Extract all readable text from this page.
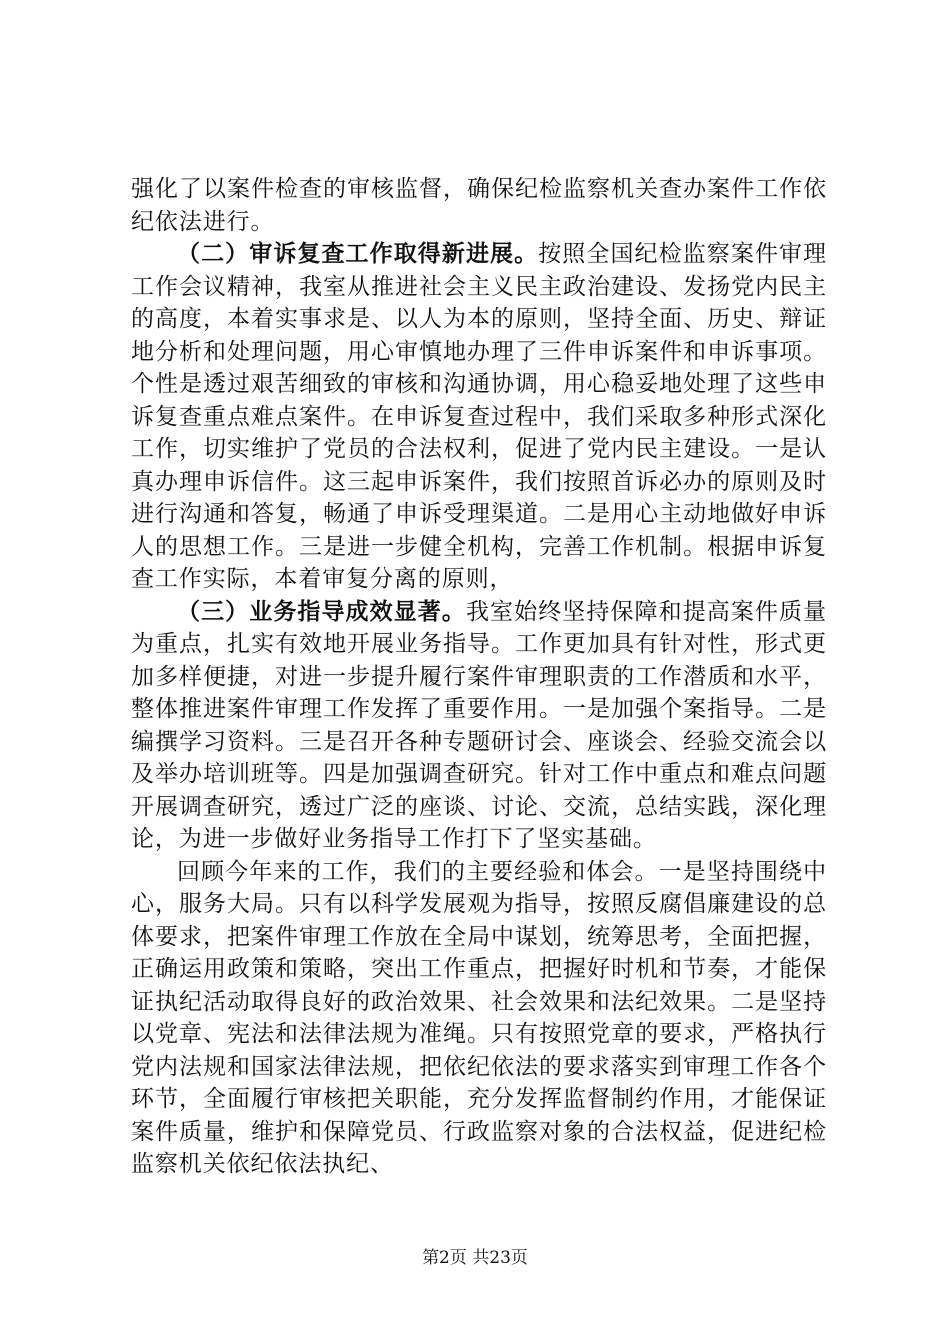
强化了以案件检查的审核监督，确保纪检监察机关查办案件工作依纪依法进行。

（二）审诉复查工作取得新进展。按照全国纪检监察案件审理工作会议精神，我室从推进社会主义民主政治建设、发扬党内民主的高度，本着实事求是、以人为本的原则，坚持全面、历史、辩证地分析和处理问题，用心审慎地办理了三件申诉案件和申诉事项。个性是透过艰苦细致的审核和沟通协调，用心稳妥地处理了这些申诉复查重点难点案件。在申诉复查过程中，我们采取多种形式深化工作，切实维护了党员的合法权利，促进了党内民主建设。一是认真办理申诉信件。这三起申诉案件，我们按照首诉必办的原则及时进行沟通和答复，畅通了申诉受理渠道。二是用心主动地做好申诉人的思想工作。三是进一步健全机构，完善工作机制。根据申诉复查工作实际，本着审复分离的原则，

（三）业务指导成效显著。我室始终坚持保障和提高案件质量为重点，扎实有效地开展业务指导。工作更加具有针对性，形式更加多样便捷，对进一步提升履行案件审理职责的工作潜质和水平，整体推进案件审理工作发挥了重要作用。一是加强个案指导。二是编撰学习资料。三是召开各种专题研讨会、座谈会、经验交流会以及举办培训班等。四是加强调查研究。针对工作中重点和难点问题开展调查研究，透过广泛的座谈、讨论、交流，总结实践，深化理论，为进一步做好业务指导工作打下了坚实基础。

回顾今年来的工作，我们的主要经验和体会。一是坚持围绕中心，服务大局。只有以科学发展观为指导，按照反腐倡廉建设的总体要求，把案件审理工作放在全局中谋划，统筹思考，全面把握，正确运用政策和策略，突出工作重点，把握好时机和节奏，才能保证执纪活动取得良好的政治效果、社会效果和法纪效果。二是坚持以党章、宪法和法律法规为准绳。只有按照党章的要求，严格执行党内法规和国家法律法规，把依纪依法的要求落实到审理工作各个环节，全面履行审核把关职能，充分发挥监督制约作用，才能保证案件质量，维护和保障党员、行政监察对象的合法权益，促进纪检监察机关依纪依法执纪、

第2页 共23页
